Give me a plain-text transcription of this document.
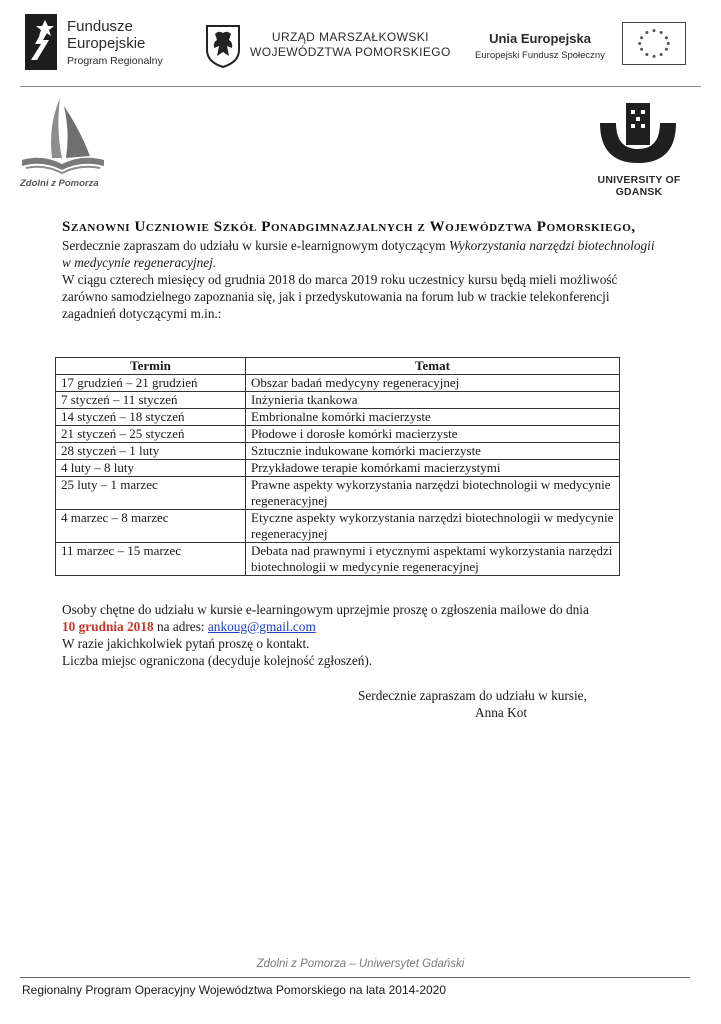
Fundusze
Europejskie
Program Regionalny
URZĄD MARSZAŁKOWSKI
WOJEWÓDZTWA POMORSKIEGO
Unia Europejska
Europejski Fundusz Społeczny
Zdolni z Pomorza	UNIVERSITY OF GDANSK
Szanowni Uczniowie Szkół Ponadgimnazjalnych z Województwa Pomorskiego,

Serdecznie zapraszam do udziału w kursie e-learnignowym dotyczącym Wykorzystania narzędzi biotechnologii w medycynie regeneracyjnej.

W ciągu czterech miesięcy od grudnia 2018 do marca 2019 roku uczestnicy kursu będą mieli możliwość zarówno samodzielnego zapoznania się, jak i przedyskutowania na forum lub w trackie telekonferencji zagadnień dotyczącymi m.in.:

Termin	Temat
17 grudzień – 21 grudzień	Obszar badań medycyny regeneracyjnej
7 styczeń – 11 styczeń	Inżynieria tkankowa
14 styczeń – 18 styczeń	Embrionalne komórki macierzyste
21 styczeń – 25 styczeń	Płodowe i dorosłe komórki macierzyste
28 styczeń – 1 luty	Sztucznie indukowane komórki macierzyste
4 luty – 8 luty	Przykładowe terapie komórkami macierzystymi
25 luty – 1 marzec	Prawne aspekty wykorzystania narzędzi biotechnologii w medycynie regeneracyjnej
4 marzec – 8 marzec	Etyczne aspekty wykorzystania narzędzi biotechnologii w medycynie regeneracyjnej
11 marzec – 15 marzec	Debata nad prawnymi i etycznymi aspektami wykorzystania narzędzi biotechnologii w medycynie regeneracyjnej
Osoby chętne do udziału w kursie e-learningowym uprzejmie proszę o zgłoszenia mailowe do dnia
10 grudnia 2018 na adres: ankoug@gmail.com
W razie jakichkolwiek pytań proszę o kontakt.
Liczba miejsc ograniczona (decyduje kolejność zgłoszeń).
Serdecznie zapraszam do udziału w kursie,
Anna Kot
Zdolni z Pomorza – Uniwersytet Gdański
Regionalny Program Operacyjny Województwa Pomorskiego na lata 2014-2020
